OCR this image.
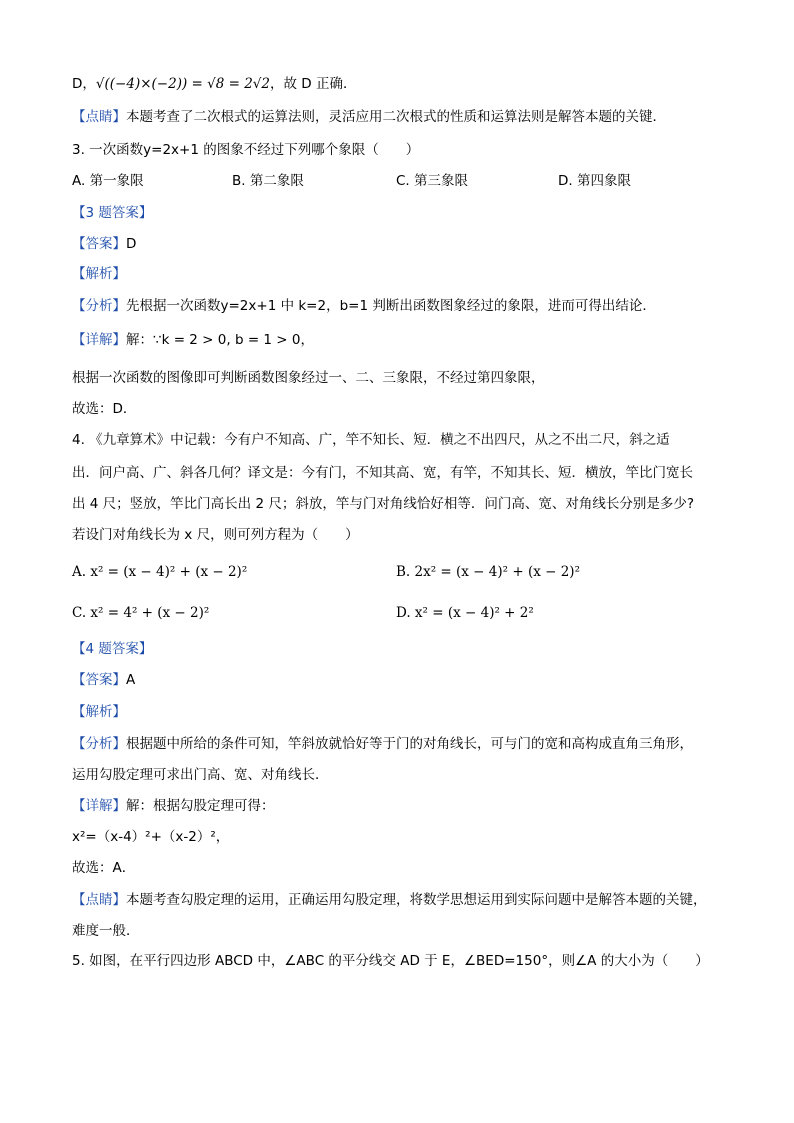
D，√((−4)×(−2)) = √8 = 2√2，故 D 正确．
【点睛】本题考查了二次根式的运算法则，灵活应用二次根式的性质和运算法则是解答本题的关键．
3. 一次函数y=2x+1 的图象不经过下列哪个象限（　　）
A. 第一象限	B. 第二象限	C. 第三象限	D. 第四象限
【3 题答案】
【答案】D
【解析】
【分析】先根据一次函数y=2x+1 中 k=2，b=1 判断出函数图象经过的象限，进而可得出结论．
【详解】解：∵k = 2 > 0, b = 1 > 0，
根据一次函数的图像即可判断函数图象经过一、二、三象限，不经过第四象限，
故选：D．
4. 《九章算术》中记载：今有户不知高、广，竿不知长、短．横之不出四尺，从之不出二尺，斜之适
出．问户高、广、斜各几何？译文是：今有门，不知其高、宽，有竿，不知其长、短．横放，竿比门宽长
出 4 尺；竖放，竿比门高长出 2 尺；斜放，竿与门对角线恰好相等．问门高、宽、对角线长分别是多少?
若设门对角线长为 x 尺，则可列方程为（　　）
A. x² = (x − 4)² + (x − 2)²	B. 2x² = (x − 4)² + (x − 2)²
C. x² = 4² + (x − 2)²	D. x² = (x − 4)² + 2²
【4 题答案】
【答案】A
【解析】
【分析】根据题中所给的条件可知，竿斜放就恰好等于门的对角线长，可与门的宽和高构成直角三角形，
运用勾股定理可求出门高、宽、对角线长．
【详解】解：根据勾股定理可得：
x²=（x-4）²+（x-2）²，
故选：A．
【点睛】本题考查勾股定理的运用，正确运用勾股定理，将数学思想运用到实际问题中是解答本题的关键，
难度一般．
5. 如图，在平行四边形 ABCD 中，∠ABC 的平分线交 AD 于 E，∠BED=150°，则∠A 的大小为（　　）
